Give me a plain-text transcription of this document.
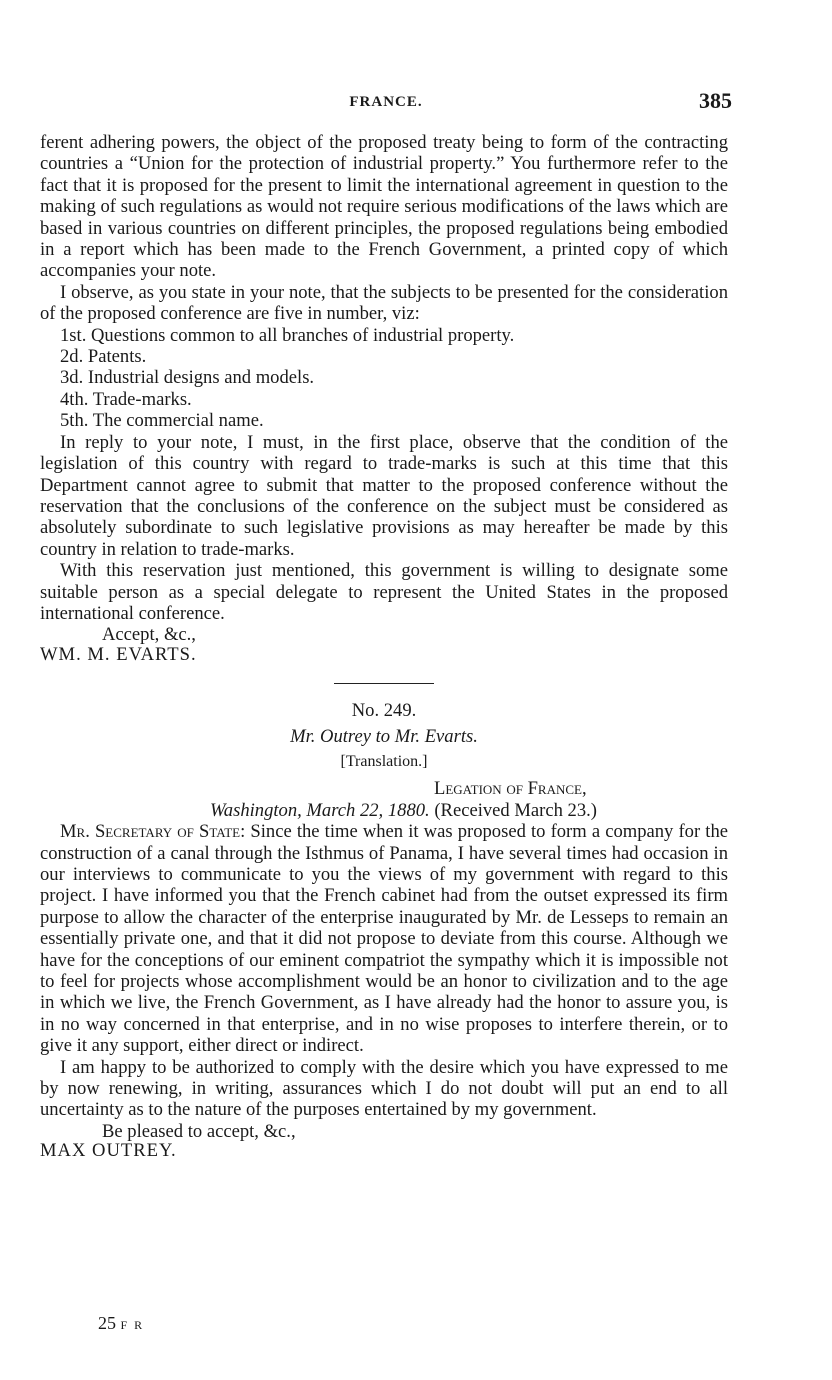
FRANCE.	385

ferent adhering powers, the object of the proposed treaty being to form of the contracting countries a “Union for the protection of industrial property.” You furthermore refer to the fact that it is proposed for the present to limit the international agreement in question to the making of such regulations as would not require serious modifications of the laws which are based in various countries on different principles, the proposed regulations being embodied in a report which has been made to the French Government, a printed copy of which accompanies your note.

I observe, as you state in your note, that the subjects to be presented for the consideration of the proposed conference are five in number, viz:

1st. Questions common to all branches of industrial property.
2d. Patents.
3d. Industrial designs and models.
4th. Trade-marks.
5th. The commercial name.

In reply to your note, I must, in the first place, observe that the condition of the legislation of this country with regard to trade-marks is such at this time that this Department cannot agree to submit that matter to the proposed conference without the reservation that the conclusions of the conference on the subject must be considered as absolutely subordinate to such legislative provisions as may hereafter be made by this country in relation to trade-marks.

With this reservation just mentioned, this government is willing to designate some suitable person as a special delegate to represent the United States in the proposed international conference.

Accept, &c.,

WM. M. EVARTS.

No. 249.

Mr. Outrey to Mr. Evarts.

[Translation.]

Legation of France,

Washington, March 22, 1880. (Received March 23.)

Mr. Secretary of State: Since the time when it was proposed to form a company for the construction of a canal through the Isthmus of Panama, I have several times had occasion in our interviews to communicate to you the views of my government with regard to this project. I have informed you that the French cabinet had from the outset expressed its firm purpose to allow the character of the enterprise inaugurated by Mr. de Lesseps to remain an essentially private one, and that it did not propose to deviate from this course. Although we have for the conceptions of our eminent compatriot the sympathy which it is impossible not to feel for projects whose accomplishment would be an honor to civilization and to the age in which we live, the French Government, as I have already had the honor to assure you, is in no way concerned in that enterprise, and in no wise proposes to interfere therein, or to give it any support, either direct or indirect.

I am happy to be authorized to comply with the desire which you have expressed to me by now renewing, in writing, assurances which I do not doubt will put an end to all uncertainty as to the nature of the purposes entertained by my government.

Be pleased to accept, &c.,

MAX OUTREY.

25 F R
